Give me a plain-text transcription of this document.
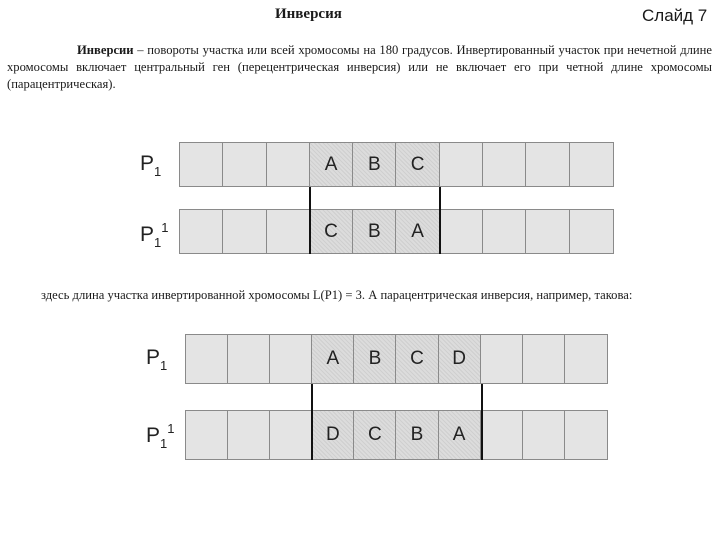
Инверсия	Слайд 7
Инверсии – повороты участка или всей хромосомы на 180 градусов. Инвертированный участок при нечетной длине хромосомы включает центральный ген (перецентрическая инверсия) или не включает его при четной длине хромосомы (парацентрическая).
$P_1$	A	B	C
$P_1^1$	C	B	A
здесь длина участка инвертированной хромосомы L(P1) = 3. А парацентрическая инверсия, например, такова:
$P_1$	A	B	C	D
$P_1^1$	D	C	B	A
